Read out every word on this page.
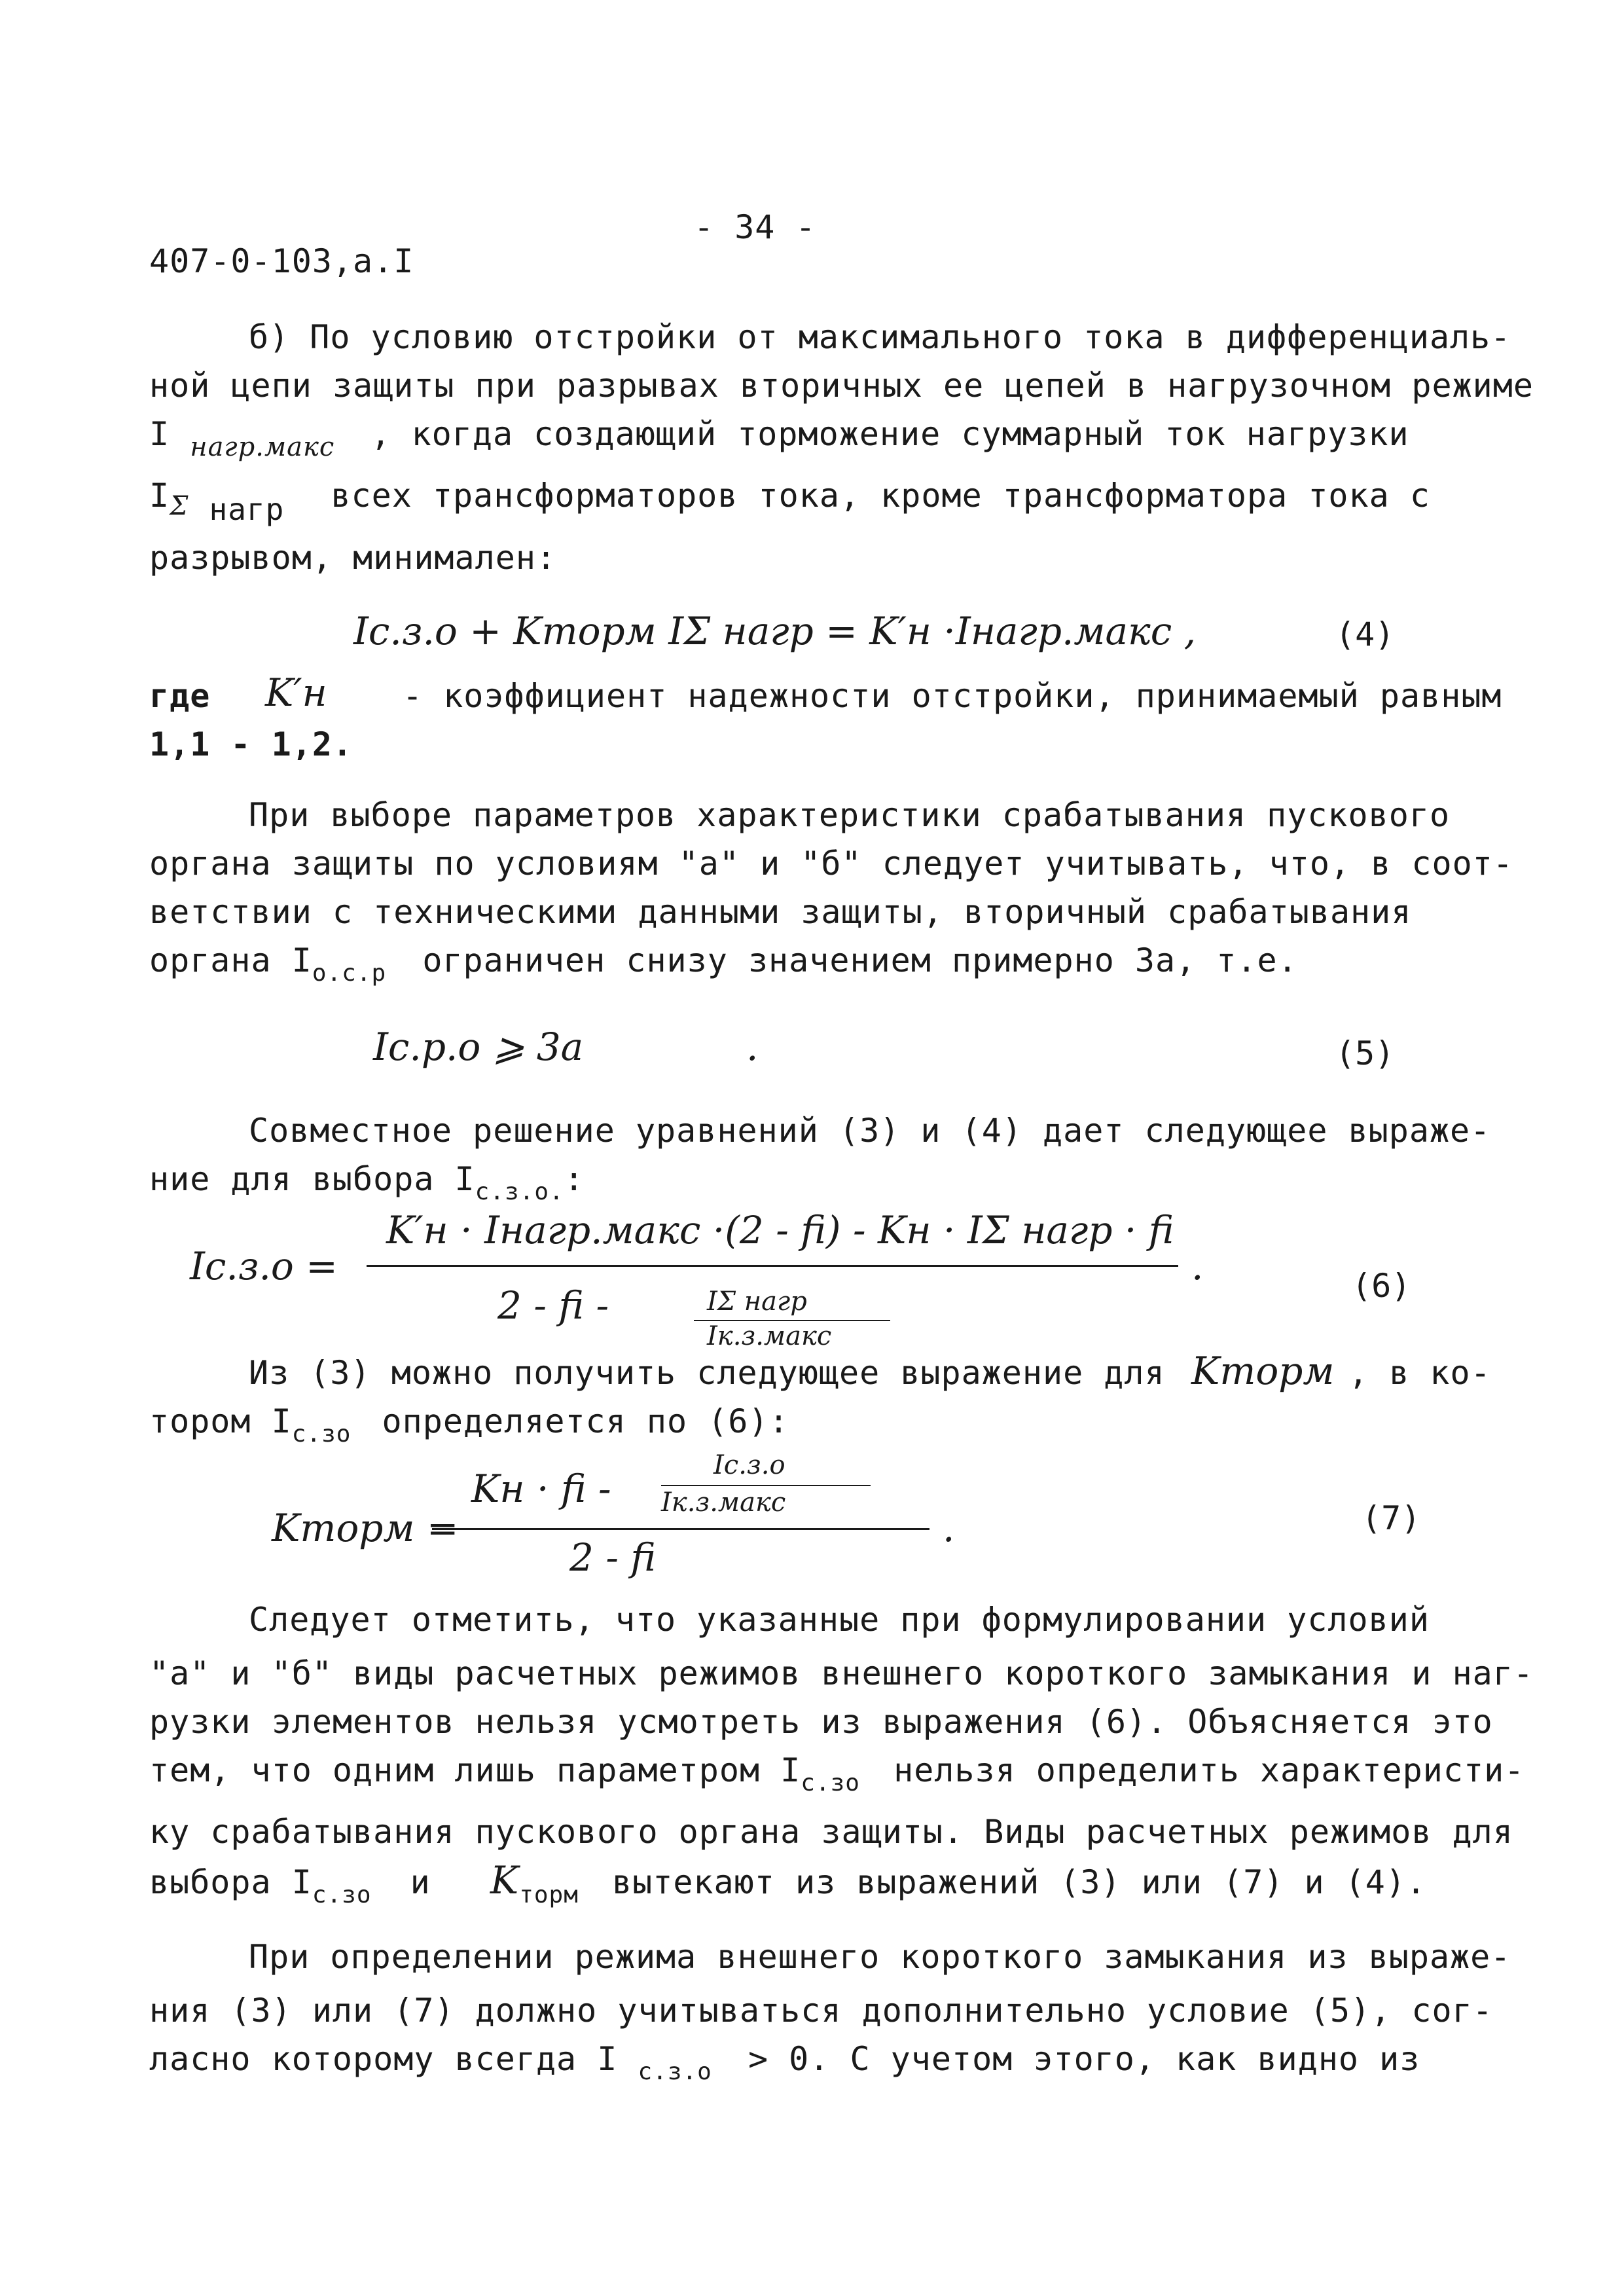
- 34 -
407-0-103,а.I
б) По условию отстройки от максимального тока в дифференциаль-
ной цепи защиты при разрывах вторичных ее цепей в нагрузочном режиме
I $_{нагр.макс}$ , когда создающий торможение суммарный ток нагрузки
$I_\Sigma$ нагр всех трансформаторов тока, кроме трансформатора тока с
разрывом, минимален:
Iс.з.о + Kторм IΣ нагр = K′н ·Iнагр.макс ,	(4)
где K′н - коэффициент надежности отстройки, принимаемый равным
1,1 - 1,2.
При выборе параметров характеристики срабатывания пускового
органа защиты по условиям "а" и "б" следует учитывать, что, в соот-
ветствии с техническими данными защиты, вторичный срабатывания
органа $I_{о.с.р}$ ограничен снизу значением примерно 3а, т.е.
Iс.р.о ⩾ 3а	.	(5)
Совместное решение уравнений (3) и (4) дает следующее выраже-
ние для выбора $I_{с.з.о.}$:
Iс.з.о =
K′н · Iнагр.макс ·(2 - fi) - Kн · IΣ нагр · fi
2 - fi -	IΣ нагр
Iк.з.макс
.	(6)
Из (3) можно получить следующее выражение для Kторм , в ко-
тором $I_{с.зо}$ определяется по (6):
Kторм =
Kн · fi -
Iс.з.о
Iк.з.макс
2 - fi
.	(7)
Следует отметить, что указанные при формулировании условий
"а" и "б" виды расчетных режимов внешнего короткого замыкания и наг-
рузки элементов нельзя усмотреть из выражения (6). Объясняется это
тем, что одним лишь параметром $I_{с.зо}$ нельзя определить характеристи-
ку срабатывания пускового органа защиты. Виды расчетных режимов для
выбора $I_{с.зо}$ и $K_{торм}$ вытекают из выражений (3) или (7) и (4).
При определении режима внешнего короткого замыкания из выраже-
ния (3) или (7) должно учитываться дополнительно условие (5), сог-
ласно которому всегда I $_{с.з.о}$ > 0. С учетом этого, как видно из
